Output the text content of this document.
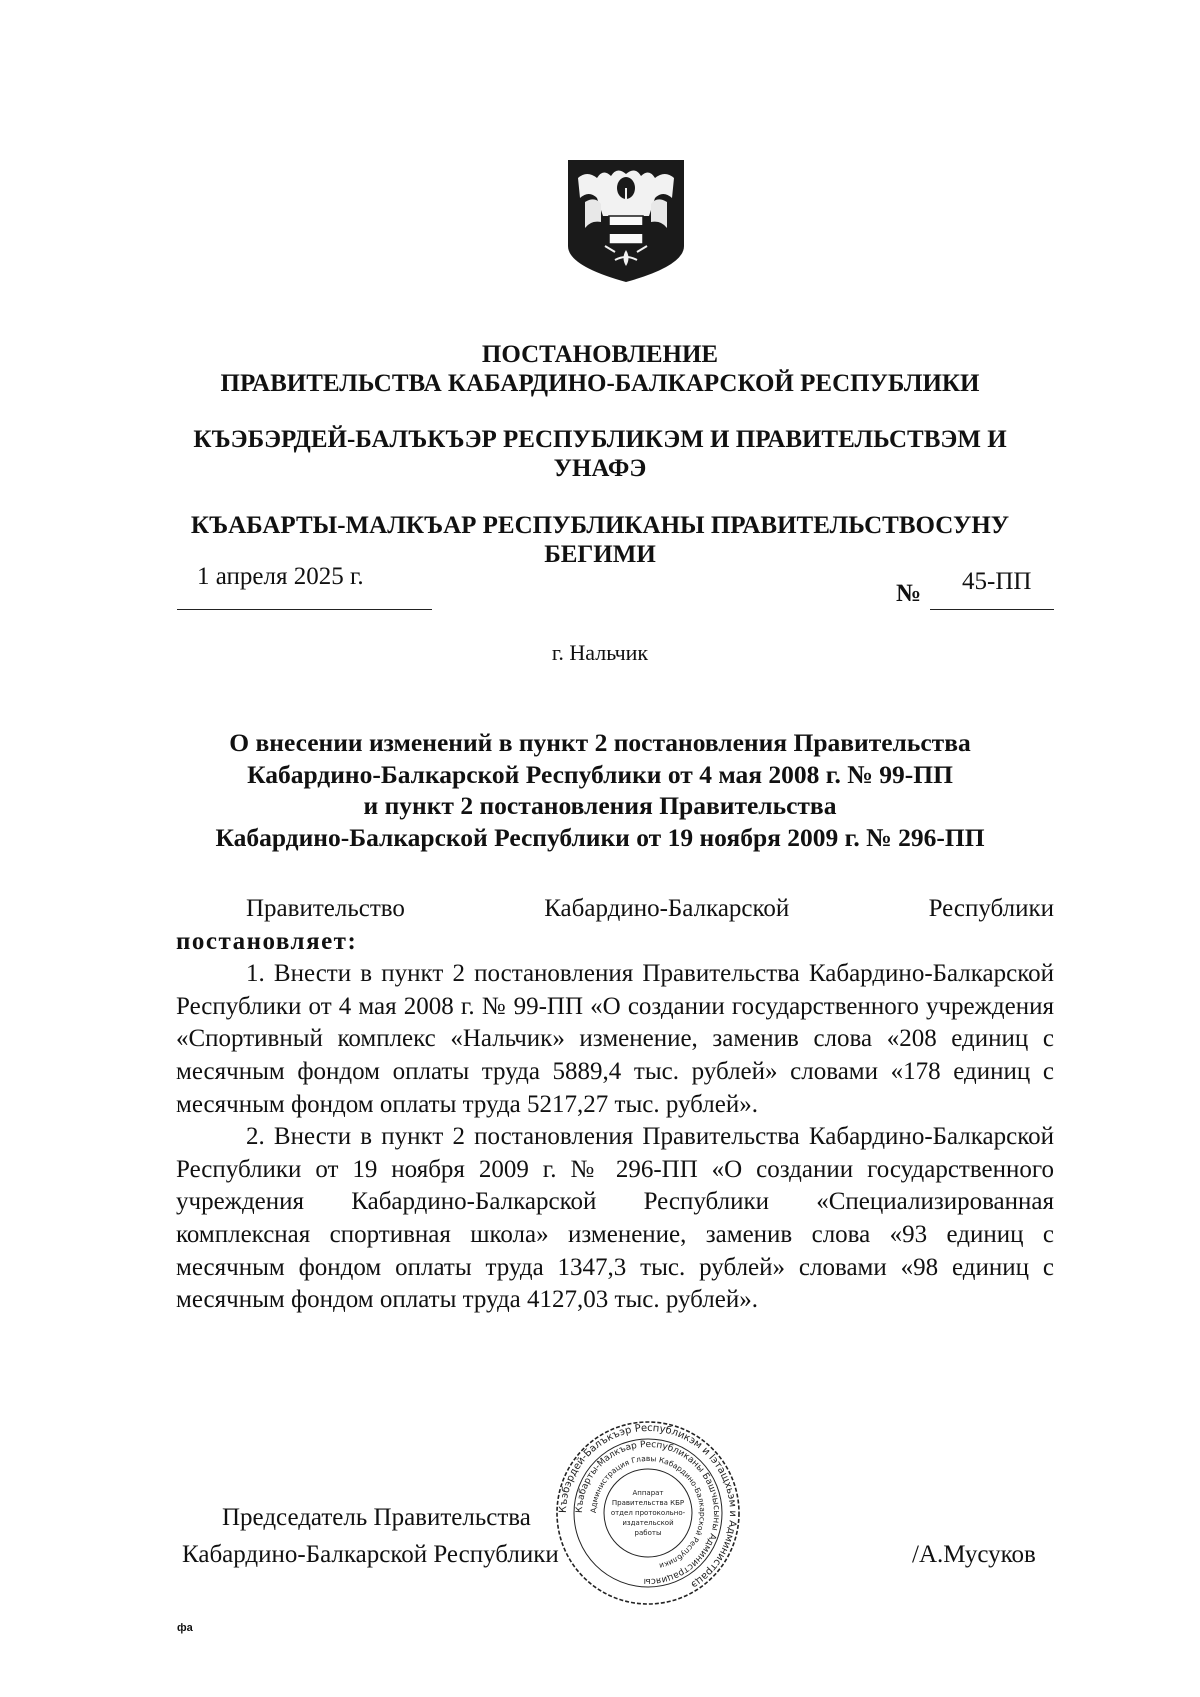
ПОСТАНОВЛЕНИЕ
ПРАВИТЕЛЬСТВА КАБАРДИНО-БАЛКАРСКОЙ РЕСПУБЛИКИ
КЪЭБЭРДЕЙ-БАЛЪКЪЭР РЕСПУБЛИКЭМ И ПРАВИТЕЛЬСТВЭМ И
УНАФЭ
КЪАБАРТЫ-МАЛКЪАР РЕСПУБЛИКАНЫ ПРАВИТЕЛЬСТВОСУНУ
БЕГИМИ
1 апреля 2025 г.
№ 45-ПП
г. Нальчик
О внесении изменений в пункт 2 постановления Правительства
Кабардино-Балкарской Республики от 4 мая 2008 г. № 99-ПП
и пункт 2 постановления Правительства
Кабардино-Балкарской Республики от 19 ноября 2009 г. № 296-ПП

Правительство	Кабардино-Балкарской	Республики

постановляет:

1. Внести в пункт 2 постановления Правительства Кабардино-Балкарской Республики от 4 мая 2008 г. № 99-ПП «О создании государственного учреждения «Спортивный комплекс «Нальчик» изменение, заменив слова «208 единиц с месячным фондом оплаты труда 5889,4 тыс. рублей» словами «178 единиц с месячным фондом оплаты труда 5217,27 тыс. рублей».

2. Внести в пункт 2 постановления Правительства Кабардино-Балкарской Республики от 19 ноября 2009 г. № 296-ПП «О создании государственного учреждения Кабардино-Балкарской Республики «Специализированная комплексная спортивная школа» изменение, заменив слова «93 единиц с месячным фондом оплаты труда 1347,3 тыс. рублей» словами «98 единиц с месячным фондом оплаты труда 4127,03 тыс. рублей».

Председатель Правительства
Кабардино-Балкарской Республики	/А.Мусуков
Къэбэрдей-Балъкъэр Республикэм и Іэтащхьэм и Администрацэ
Къабарты-Малкъар Республиканы Башчысыны Администрациясы
Администрация Главы Кабардино-Балкарской Республики
Аппарат
Правительства КБР
отдел протокольно-
издательской
работы
фа
